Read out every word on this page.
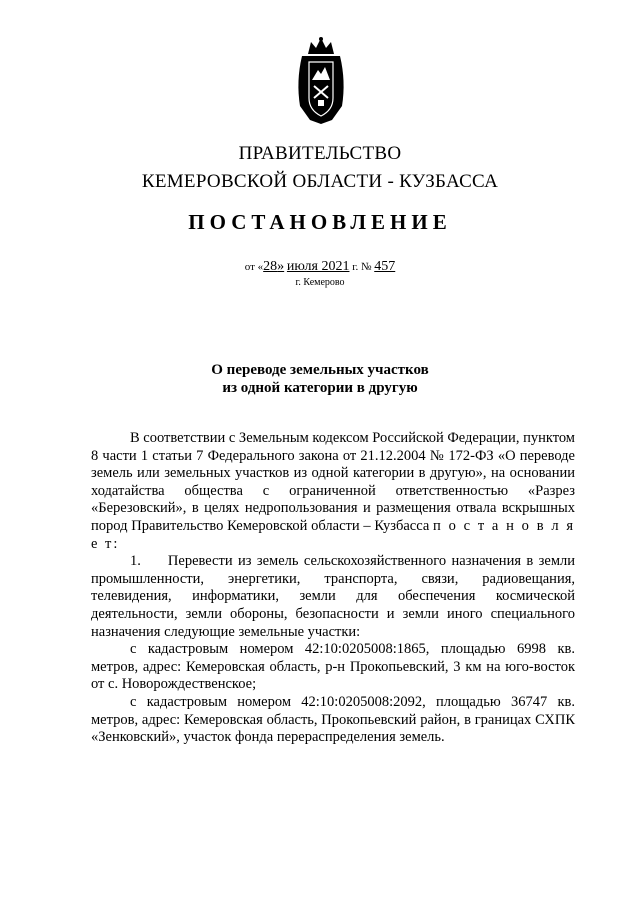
ПРАВИТЕЛЬСТВО
КЕМЕРОВСКОЙ ОБЛАСТИ - КУЗБАССА
ПОСТАНОВЛЕНИЕ
от «28» июля 2021 г. № 457
г. Кемерово
О переводе земельных участков
из одной категории в другую

В соответствии с Земельным кодексом Российской Федерации, пунктом 8 части 1 статьи 7 Федерального закона от 21.12.2004 № 172-ФЗ «О переводе земель или земельных участков из одной категории в другую», на основании ходатайства общества с ограниченной ответственностью «Разрез «Березовский», в целях недропользования и размещения отвала вскрышных пород Правительство Кемеровской области – Кузбасса п о с т а н о в л я е т:

1.     Перевести из земель сельскохозяйственного назначения в земли промышленности, энергетики, транспорта, связи, радиовещания, телевидения, информатики, земли для обеспечения космической деятельности, земли обороны, безопасности и земли иного специального назначения следующие земельные участки:

с кадастровым номером 42:10:0205008:1865, площадью 6998 кв. метров, адрес: Кемеровская область, р-н Прокопьевский, 3 км на юго-восток от с. Новорождественское;

с кадастровым номером 42:10:0205008:2092, площадью 36747 кв. метров, адрес: Кемеровская область, Прокопьевский район, в границах СХПК «Зенковский», участок фонда перераспределения земель.
